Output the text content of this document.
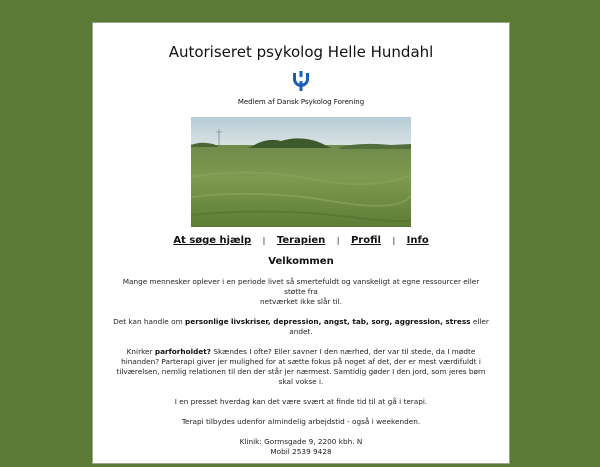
Autoriseret psykolog Helle Hundahl
Medlem af Dansk Psykolog Forening
At søge hjælp | Terapien | Profil | Info
Velkommen

Mange mennesker oplever i en periode livet så smertefuldt og vanskeligt at egne ressourcer eller støtte fra
netværket ikke slår til.

Det kan handle om personlige livskriser, depression, angst, tab, sorg, aggression, stress eller andet.

Knirker parforholdet? Skændes I ofte? Eller savner I den nærhed, der var til stede, da I mødte hinanden? Parterapi giver jer mulighed for at sætte fokus på noget af det, der er mest værdifuldt i tilværelsen, nemlig relationen til den der står jer nærmest. Samtidig gøder I den jord, som jeres børn skal vokse i.

I en presset hverdag kan det være svært at finde tid til at gå i terapi.

Terapi tilbydes udenfor almindelig arbejdstid - også i weekenden.

Klinik: Gormsgade 9, 2200 kbh. N
Mobil 2539 9428
